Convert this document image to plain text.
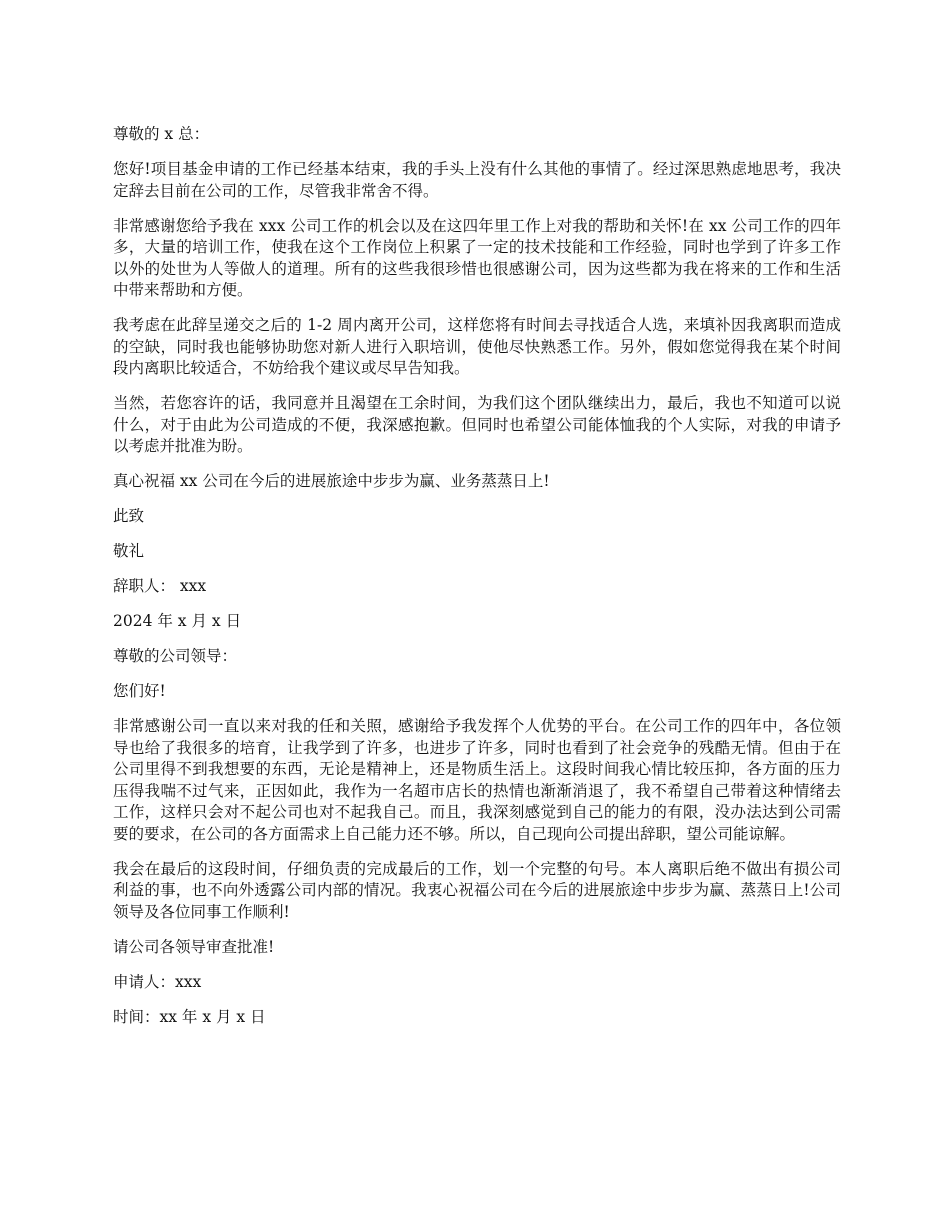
尊敬的 x 总：

您好!项目基金申请的工作已经基本结束，我的手头上没有什么其他的事情了。经过深思熟虑地思考，我决定辞去目前在公司的工作，尽管我非常舍不得。

非常感谢您给予我在 xxx 公司工作的机会以及在这四年里工作上对我的帮助和关怀!在 xx 公司工作的四年多，大量的培训工作，使我在这个工作岗位上积累了一定的技术技能和工作经验，同时也学到了许多工作以外的处世为人等做人的道理。所有的这些我很珍惜也很感谢公司，因为这些都为我在将来的工作和生活中带来帮助和方便。

我考虑在此辞呈递交之后的 1-2 周内离开公司，这样您将有时间去寻找适合人选，来填补因我离职而造成的空缺，同时我也能够协助您对新人进行入职培训，使他尽快熟悉工作。另外，假如您觉得我在某个时间段内离职比较适合，不妨给我个建议或尽早告知我。

当然，若您容许的话，我同意并且渴望在工余时间，为我们这个团队继续出力，最后，我也不知道可以说什么，对于由此为公司造成的不便，我深感抱歉。但同时也希望公司能体恤我的个人实际，对我的申请予以考虑并批准为盼。

真心祝福 xx 公司在今后的进展旅途中步步为赢、业务蒸蒸日上!

此致

敬礼

辞职人： xxx

2024 年 x 月 x 日

尊敬的公司领导：

您们好!

非常感谢公司一直以来对我的任和关照，感谢给予我发挥个人优势的平台。在公司工作的四年中，各位领导也给了我很多的培育，让我学到了许多，也进步了许多，同时也看到了社会竞争的残酷无情。但由于在公司里得不到我想要的东西，无论是精神上，还是物质生活上。这段时间我心情比较压抑，各方面的压力压得我喘不过气来，正因如此，我作为一名超市店长的热情也渐渐消退了，我不希望自己带着这种情绪去工作，这样只会对不起公司也对不起我自己。而且，我深刻感觉到自己的能力的有限，没办法达到公司需要的要求，在公司的各方面需求上自己能力还不够。所以，自己现向公司提出辞职，望公司能谅解。

我会在最后的这段时间，仔细负责的完成最后的工作，划一个完整的句号。本人离职后绝不做出有损公司利益的事，也不向外透露公司内部的情况。我衷心祝福公司在今后的进展旅途中步步为赢、蒸蒸日上!公司领导及各位同事工作顺利!

请公司各领导审查批准!

申请人：xxx

时间：xx 年 x 月 x 日
